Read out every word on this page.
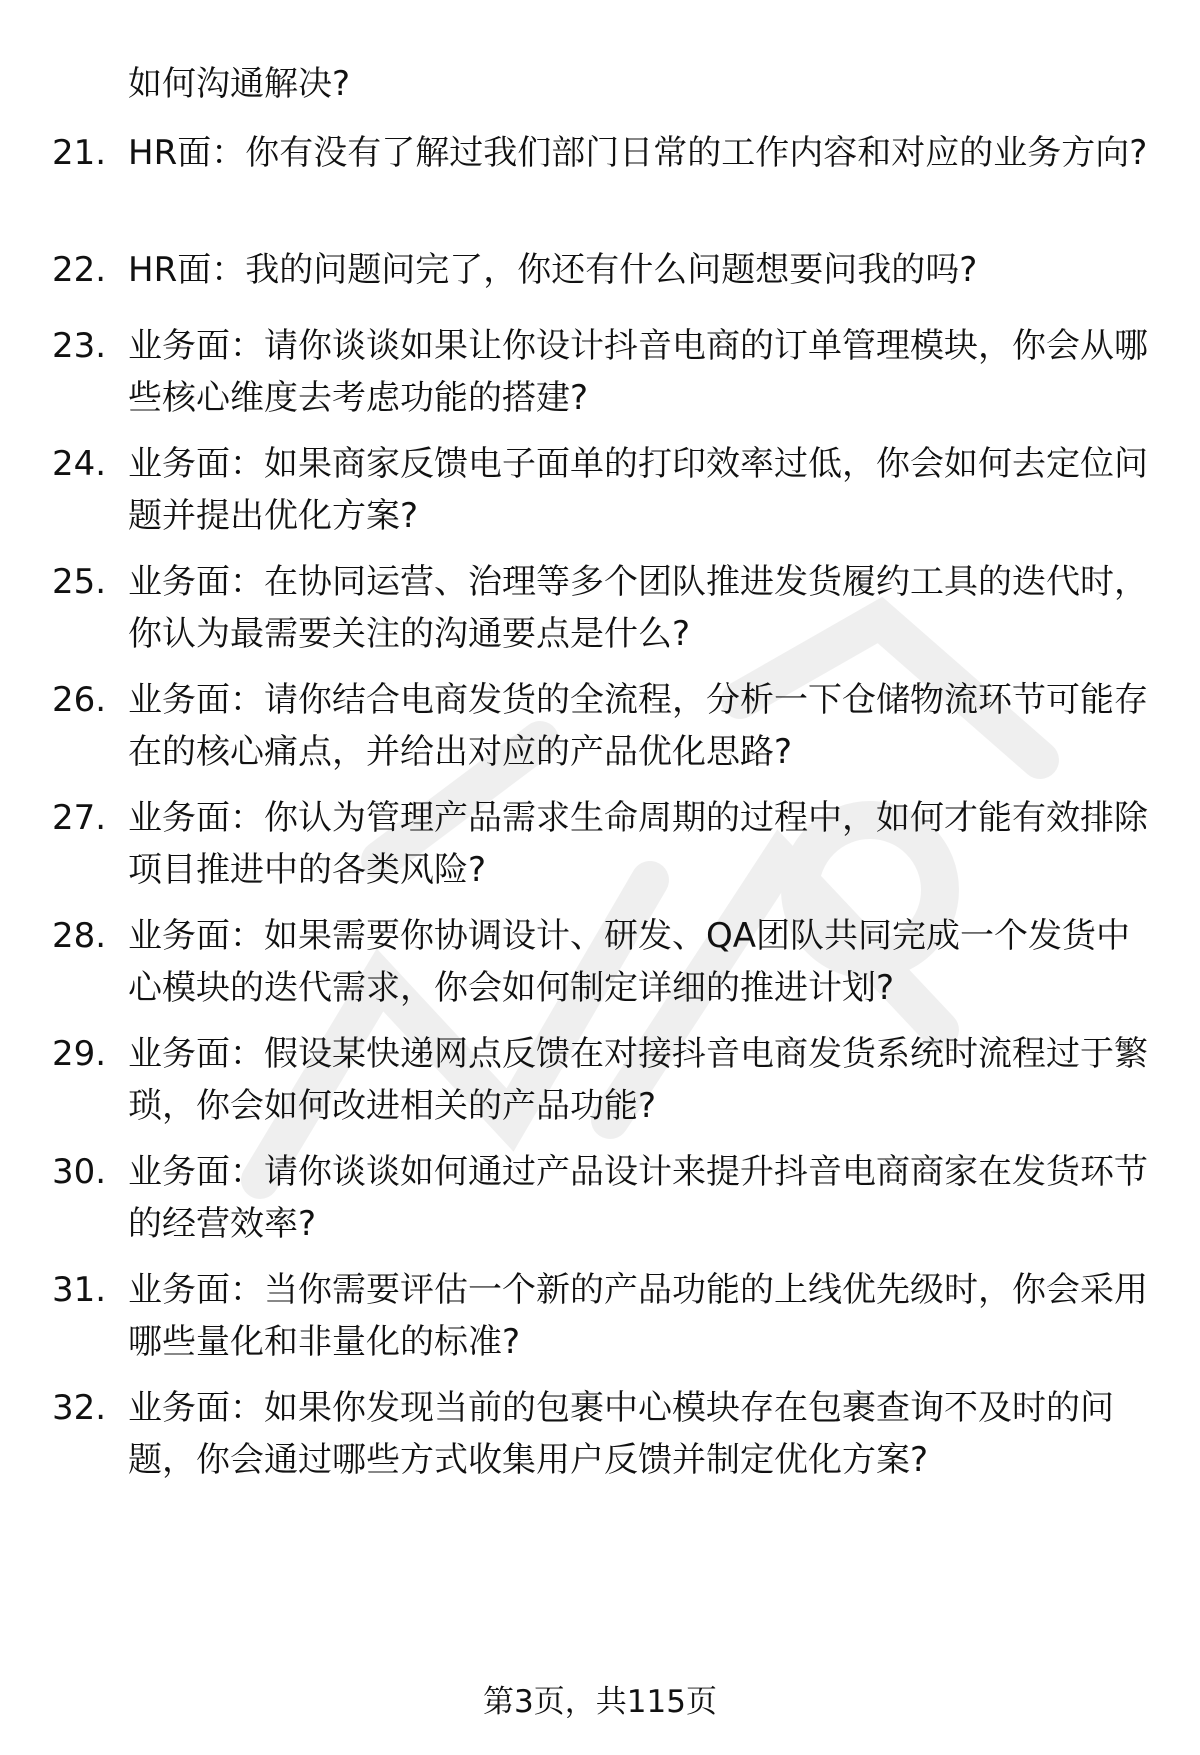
如何沟通解决?
21. HR面：你有没有了解过我们部门日常的工作内容和对应的业务方向?
22. HR面：我的问题问完了，你还有什么问题想要问我的吗?
23. 业务面：请你谈谈如果让你设计抖音电商的订单管理模块，你会从哪些核心维度去考虑功能的搭建?
24. 业务面：如果商家反馈电子面单的打印效率过低，你会如何去定位问题并提出优化方案?
25. 业务面：在协同运营、治理等多个团队推进发货履约工具的迭代时，你认为最需要关注的沟通要点是什么?
26. 业务面：请你结合电商发货的全流程，分析一下仓储物流环节可能存在的核心痛点，并给出对应的产品优化思路?
27. 业务面：你认为管理产品需求生命周期的过程中，如何才能有效排除项目推进中的各类风险?
28. 业务面：如果需要你协调设计、研发、QA团队共同完成一个发货中心模块的迭代需求，你会如何制定详细的推进计划?
29. 业务面：假设某快递网点反馈在对接抖音电商发货系统时流程过于繁琐，你会如何改进相关的产品功能?
30. 业务面：请你谈谈如何通过产品设计来提升抖音电商商家在发货环节的经营效率?
31. 业务面：当你需要评估一个新的产品功能的上线优先级时，你会采用哪些量化和非量化的标准?
32. 业务面：如果你发现当前的包裹中心模块存在包裹查询不及时的问题，你会通过哪些方式收集用户反馈并制定优化方案?
第3页，共115页
